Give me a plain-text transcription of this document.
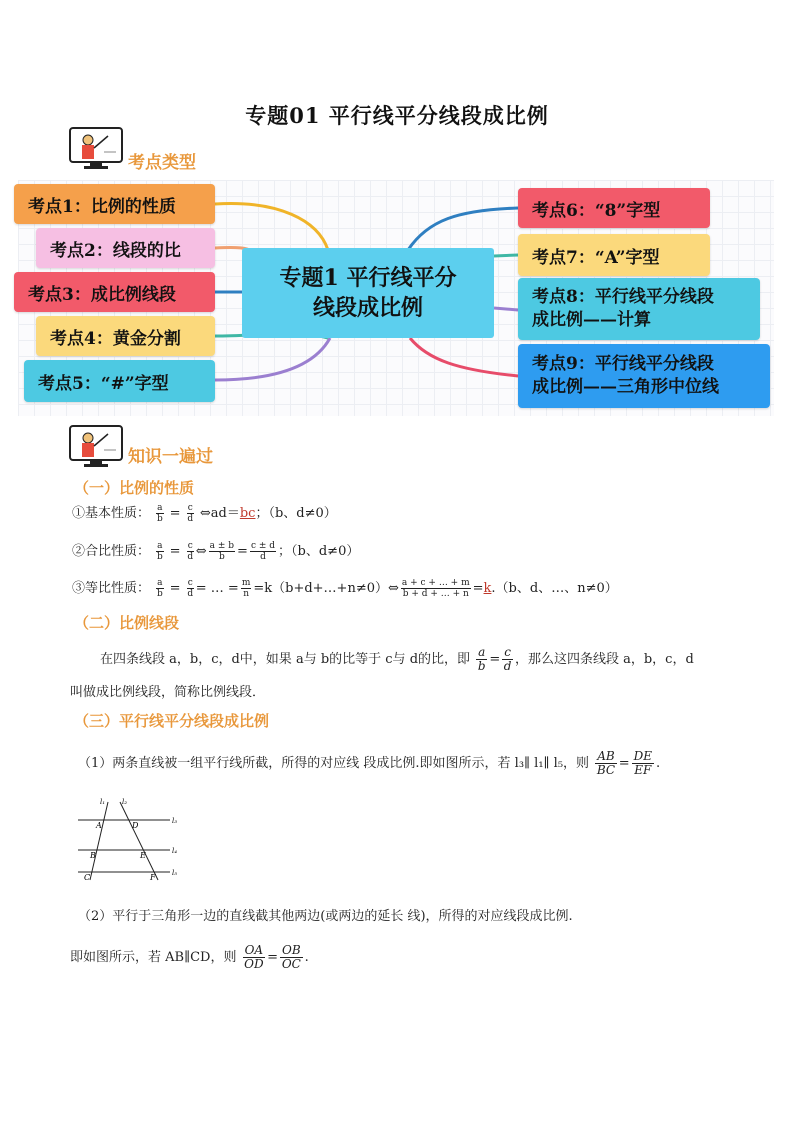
专题01 平行线平分线段成比例
考点类型
考点1：比例的性质
考点2：线段的比
考点3：成比例线段
考点4：黄金分割
考点5：“#”字型
专题1 平行线平分
线段成比例
考点6：“8”字型
考点7：“A”字型
考点8：平行线平分线段
成比例——计算
考点9：平行线平分线段
成比例——三角形中位线
知识一遍过
（一）比例的性质
①基本性质： $\frac{a}{b} = \frac{c}{d}$ ⇔ad＝bc；（b、d≠0）
②合比性质： $\frac{a}{b} = \frac{c}{d}$ ⇔ $\frac{a \pm b}{b} = \frac{c \pm d}{d}$ ；（b、d≠0）
③等比性质： $\frac{a}{b} = \frac{c}{d}$ = … = $\frac{m}{n}$ =k（b+d+…+n≠0）⇔ $\frac{a + c + \dots + m}{b + d + \dots + n} =k.(b$、d、…、n≠0）
（二）比例线段
在四条线段 a，b，c，d中，如果 a与 b的比等于 c与 d的比，即 $\frac{a}{b} = \frac{c}{d}$ ，那么这四条线段 a，b，c，d
叫做成比例线段，简称比例线段．
（三）平行线平分线段成比例
（1）两条直线被一组平行线所截，所得的对应线 段成比例.即如图所示，若 l₃∥ l₁∥ l₅，则 $\frac{AB}{BC} = \frac{DE}{EF}$ .
l₁ l₂
A	D	l₃
B	E	l₄
C	F l₅
（2）平行于三角形一边的直线截其他两边(或两边的延长 线)，所得的对应线段成比例.
即如图所示，若 AB∥CD，则 $\frac{OA}{OD} = \frac{OB}{OC}$ .
